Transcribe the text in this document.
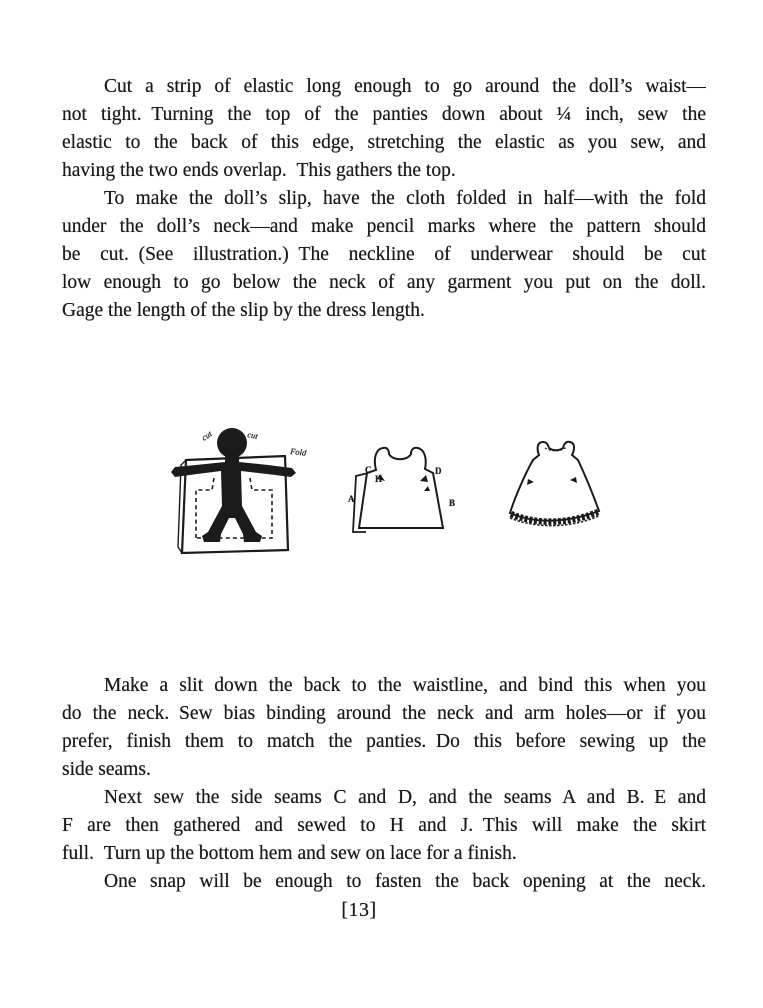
Cut a strip of elastic long enough to go around the doll’s waist—
not tight. Turning the top of the panties down about ¼ inch, sew the
elastic to the back of this edge, stretching the elastic as you sew, and
having the two ends overlap. This gathers the top.
To make the doll’s slip, have the cloth folded in half—with the fold
under the doll’s neck—and make pencil marks where the pattern should
be cut. (See illustration.) The neckline of underwear should be cut
low enough to go below the neck of any garment you put on the doll.
Gage the length of the slip by the dress length.
cut	cut
Fold
C
H
D
A	B
Make a slit down the back to the waistline, and bind this when you
do the neck. Sew bias binding around the neck and arm holes—or if you
prefer, finish them to match the panties. Do this before sewing up the
side seams.
Next sew the side seams C and D, and the seams A and B. E and
F are then gathered and sewed to H and J. This will make the skirt
full. Turn up the bottom hem and sew on lace for a finish.
One snap will be enough to fasten the back opening at the neck.
[13]
